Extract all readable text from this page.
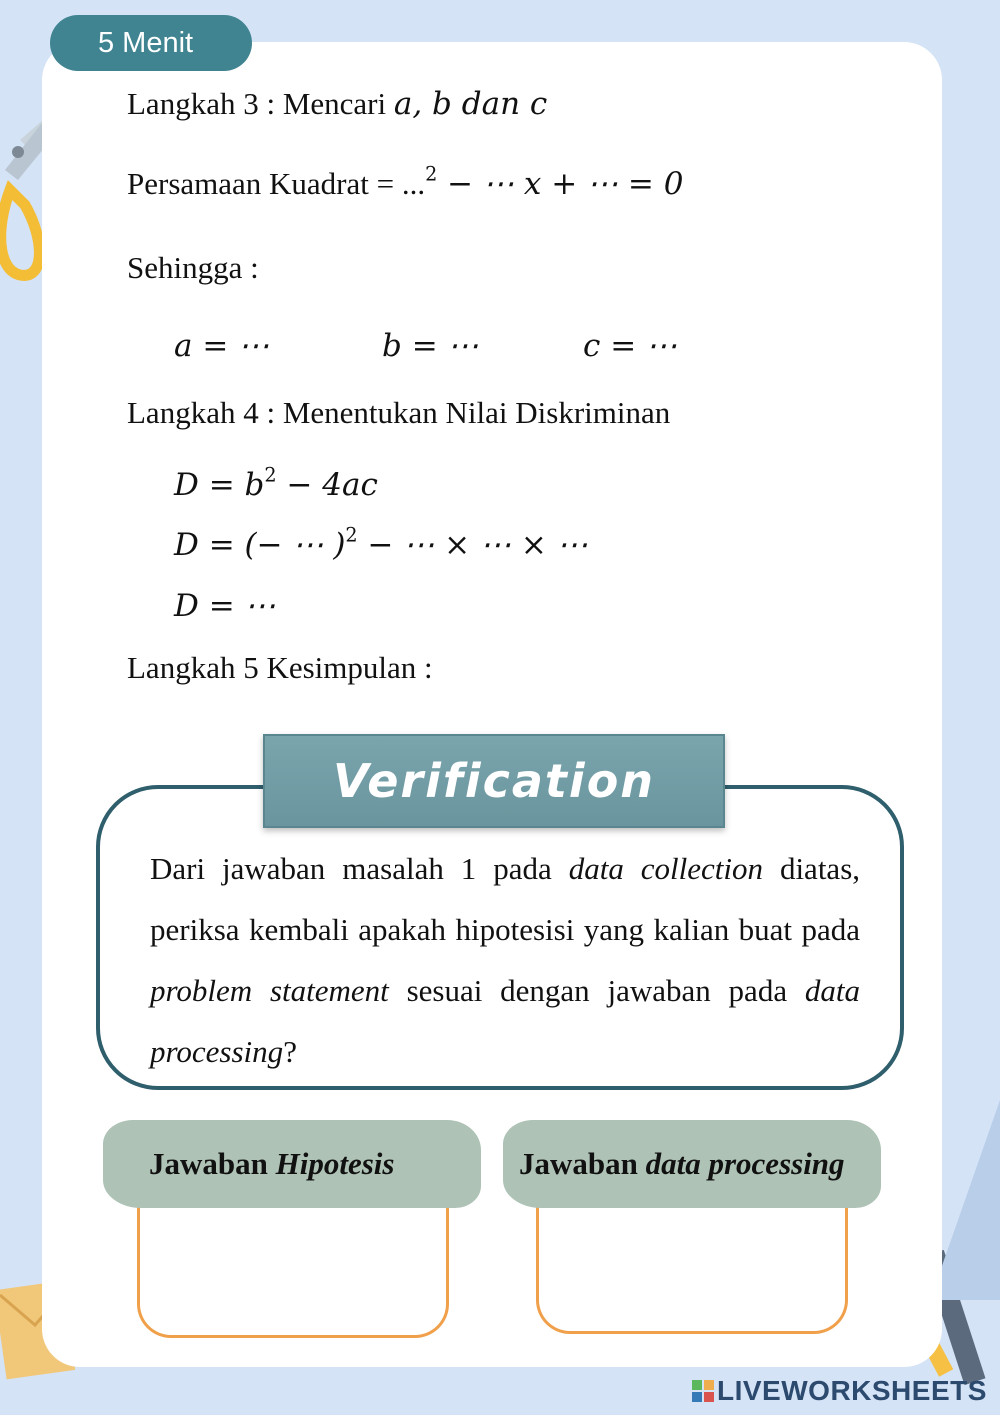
5 Menit
Langkah 3 : Mencari a, b dan c
Persamaan Kuadrat = ...$^2$ − ⋯ x + ⋯ = 0
Sehingga :
a = ⋯	b = ⋯	c = ⋯
Langkah 4 : Menentukan Nilai Diskriminan
$D = b^2 - 4ac$
D = (− ⋯ )$^2$ − ⋯ × ⋯ × ⋯
D = ⋯
Langkah 5 Kesimpulan :
Verification
Dari jawaban masalah 1 pada data collection diatas, periksa kembali apakah hipotesisi yang kalian buat pada problem statement sesuai dengan jawaban pada data processing?
Jawaban Hipotesis	Jawaban data processing
LIVEWORKSHEETS
